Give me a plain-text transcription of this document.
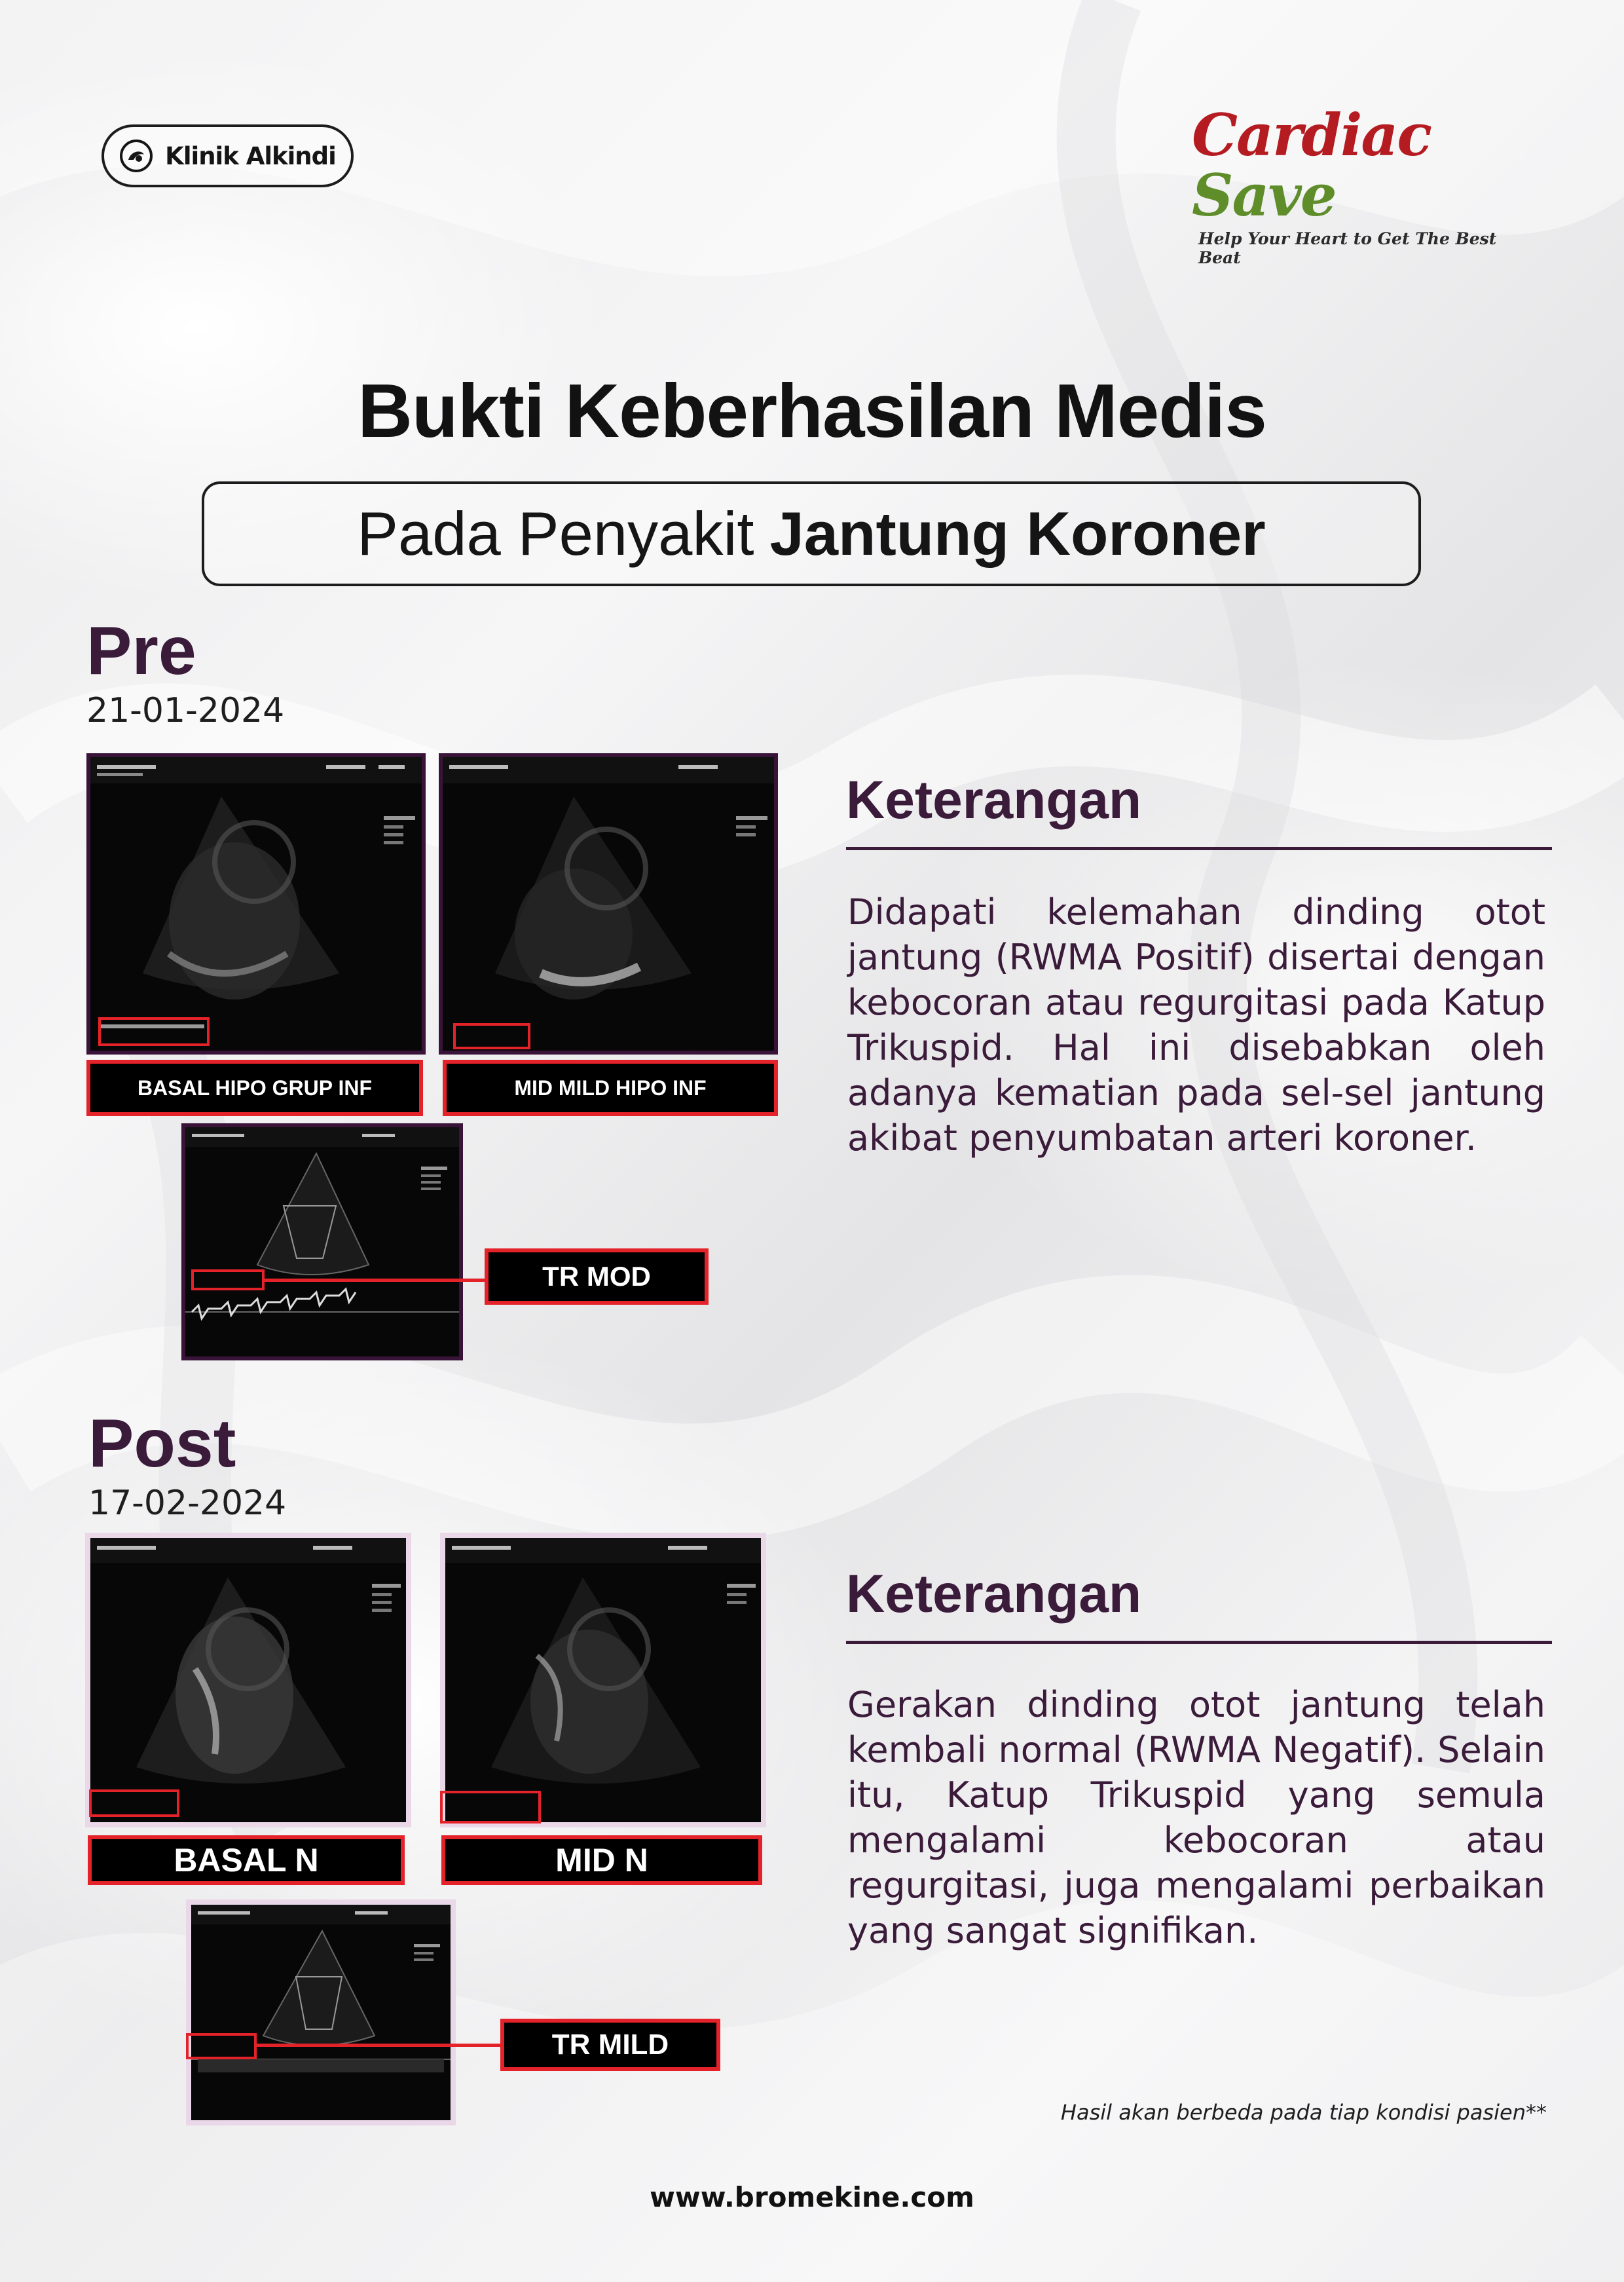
Klinik Alkindi	Cardiac Save
Help Your Heart to Get The Best Beat
Bukti Keberhasilan Medis
Pada Penyakit Jantung Koroner
Pre
21-01-2024
BASAL HIPO GRUP INF	MID MILD HIPO INF
TR MOD
Keterangan
Didapati kelemahan dinding otot jantung (RWMA Positif) disertai dengan kebocoran atau regurgitasi pada Katup Trikuspid. Hal ini disebabkan oleh adanya kematian pada sel-sel jantung akibat penyumbatan arteri koroner.
Post
17-02-2024
BASAL N	MID N
TR MILD
Keterangan
Gerakan dinding otot jantung telah kembali normal (RWMA Negatif). Selain itu, Katup Trikuspid yang semula mengalami kebocoran atau regurgitasi, juga mengalami perbaikan yang sangat signifikan.
Hasil akan berbeda pada tiap kondisi pasien**
www.bromekine.com
